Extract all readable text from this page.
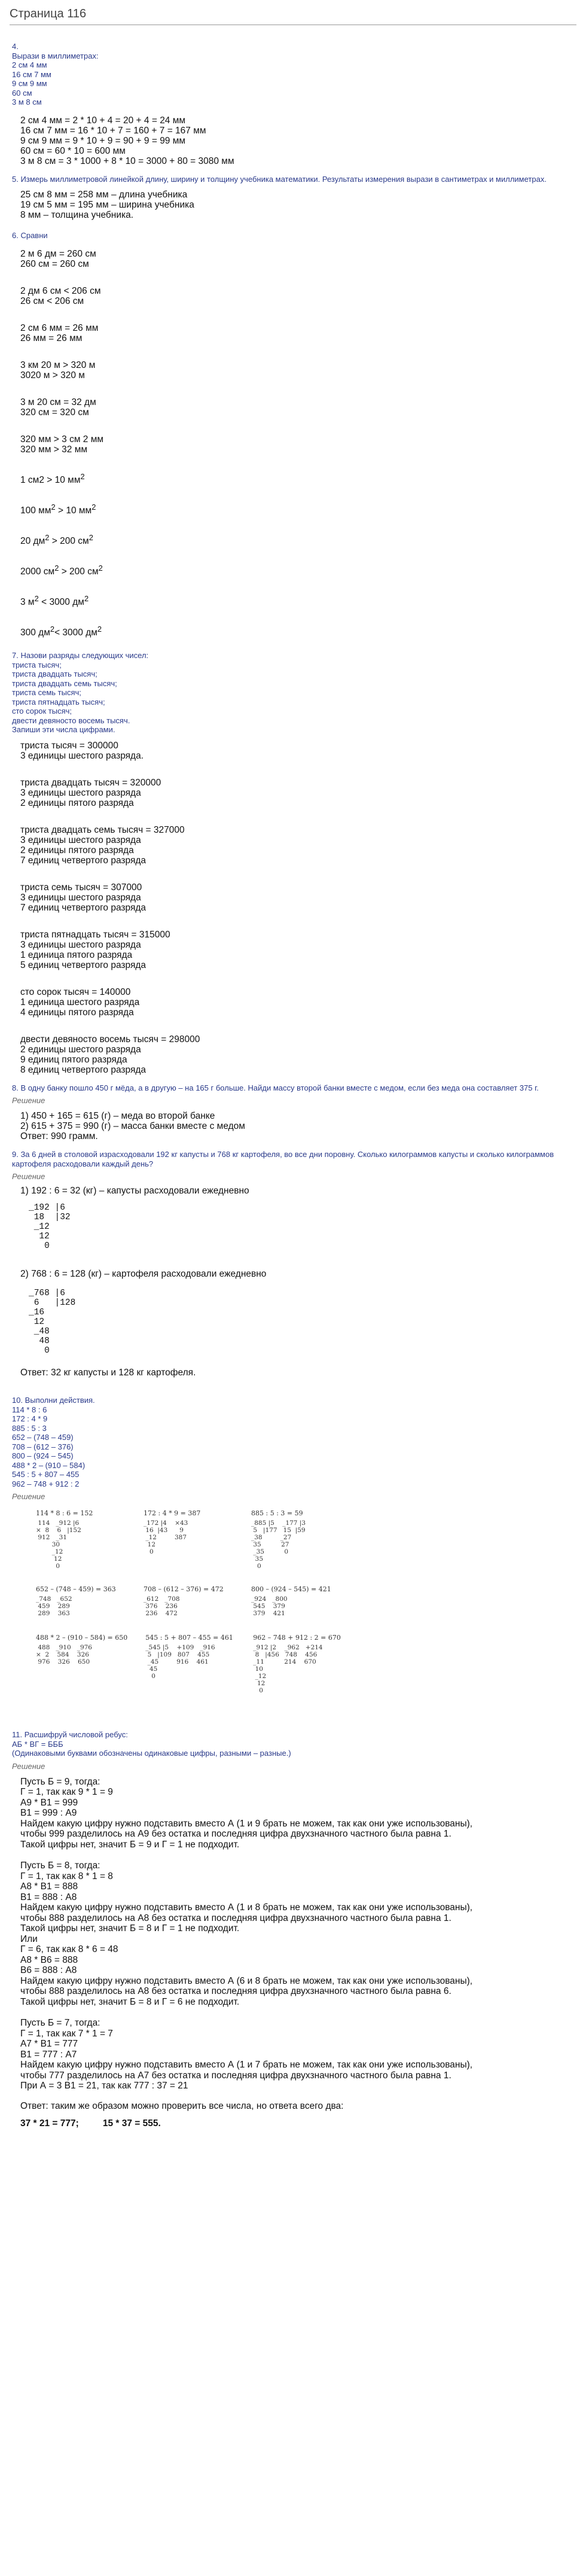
Страница 116
4.
Вырази в миллиметрах:
2 см 4 мм
16 см 7 мм
9 см 9 мм
60 см
3 м 8 см
2 см 4 мм = 2 * 10 + 4 = 20 + 4 = 24 мм
16 см 7 мм = 16 * 10 + 7 = 160 + 7 = 167 мм
9 см 9 мм = 9 * 10 + 9 = 90 + 9 = 99 мм
60 см = 60 * 10 = 600 мм
3 м 8 см = 3 * 1000 + 8 * 10 = 3000 + 80 = 3080 мм
5. Измерь миллиметровой линейкой длину, ширину и толщину учебника математики. Результаты измерения вырази в сантиметрах и миллиметрах.
25 см 8 мм = 258 мм – длина учебника
19 см 5 мм = 195 мм – ширина учебника
8 мм – толщина учебника.
6. Сравни
2 м 6 дм = 260 см
260 см = 260 см
2 дм 6 см < 206 см
26 см < 206 см
2 см 6 мм = 26 мм
26 мм = 26 мм
3 км 20 м > 320 м
3020 м > 320 м
3 м 20 см = 32 дм
320 см = 320 см
320 мм > 3 см 2 мм
320 мм > 32 мм
1 см2 > 10 $мм^2$
100 $мм^2 > 10$ $мм^2$
20 $дм^2 > 200$ $см^2$
2000 $см^2 > 200$ $см^2$
3 $м^2 < 3000$ $дм^2$
300 $дм^2< 3000$ $дм^2$
7. Назови разряды следующих чисел:
триста тысяч;
триста двадцать тысяч;
триста двадцать семь тысяч;
триста семь тысяч;
триста пятнадцать тысяч;
сто сорок тысяч;
двести девяносто восемь тысяч.
Запиши эти числа цифрами.
триста тысяч = 300000
3 единицы шестого разряда.
триста двадцать тысяч = 320000
3 единицы шестого разряда
2 единицы пятого разряда
триста двадцать семь тысяч = 327000
3 единицы шестого разряда
2 единицы пятого разряда
7 единиц четвертого разряда
триста семь тысяч = 307000
3 единицы шестого разряда
7 единиц четвертого разряда
триста пятнадцать тысяч = 315000
3 единицы шестого разряда
1 единица пятого разряда
5 единиц четвертого разряда
сто сорок тысяч = 140000
1 единица шестого разряда
4 единицы пятого разряда
двести девяносто восемь тысяч = 298000
2 единицы шестого разряда
9 единиц пятого разряда
8 единиц четвертого разряда
8. В одну банку пошло 450 г мёда, а в другую – на 165 г больше. Найди массу второй банки вместе с медом, если без меда она составляет 375 г.
Решение
1) 450 + 165 = 615 (г) – меда во второй банке
2) 615 + 375 = 990 (г) – масса банки вместе с медом
Ответ: 990 грамм.
9. За 6 дней в столовой израсходовали 192 кг капусты и 768 кг картофеля, во все дни поровну. Сколько килограммов капусты и сколько килограммов картофеля расходовали каждый день?
Решение
1) 192 : 6 = 32 (кг) – капусты расходовали ежедневно
_192 |6
18  |32
_12
12
0
2) 768 : 6 = 128 (кг) – картофеля расходовали ежедневно
_768 |6
6   |128
_16
12
_48
48
0
Ответ: 32 кг капусты и 128 кг картофеля.
10. Выполни действия.
114 * 8 : 6
172 : 4 * 9
885 : 5 : 3
652 – (748 – 459)
708 – (612 – 376)
800 – (924 – 545)
488 * 2 – (910 – 584)
545 : 5 + 807 – 455
962 – 748 + 912 : 2
Решение
114 * 8 : 6 = 152
114   _912 |6
×  8    6   |152
912   _31
30
_12
12
0
172 : 4 * 9 = 387
_172 |4    ×43
16  |43      9
_12         387
12
0
885 : 5 : 3 = 59
_885 |5    _177 |3
5   |177   15  |59
_38         _27
35          27
_35          0
35
0
652 – (748 – 459) = 363
_748   _652
459    289
289    363
708 – (612 – 376) = 472
_612   _708
376    236
236    472
800 – (924 – 545) = 421
_924   _800
545    379
379    421
488 * 2 – (910 – 584) = 650
488   _910   _976
×  2    584    326
976    326    650
545 : 5 + 807 – 455 = 461
_545 |5    +109   _916
5   |109   807    455
_45         916    461
45
0
962 – 748 + 912 : 2 = 670
_912 |2    _962   +214
8   |456   748    456
_11          214    670
10
_12
12
0
11. Расшифруй числовой ребус:
АБ * ВГ = БББ
(Одинаковыми буквами обозначены одинаковые цифры, разными – разные.)
Решение
Пусть Б = 9, тогда:
Г = 1, так как 9 * 1 = 9
А9 * В1 = 999
В1 = 999 : А9
Найдем какую цифру нужно подставить вместо А (1 и 9 брать не можем, так как они уже использованы),
чтобы 999 разделилось на А9 без остатка и последняя цифра двухзначного частного была равна 1.
Такой цифры нет, значит Б = 9 и Г = 1 не подходит.
Пусть Б = 8, тогда:
Г = 1, так как 8 * 1 = 8
А8 * В1 = 888
В1 = 888 : А8
Найдем какую цифру нужно подставить вместо А (1 и 8 брать не можем, так как они уже использованы),
чтобы 888 разделилось на А8 без остатка и последняя цифра двухзначного частного была равна 1.
Такой цифры нет, значит Б = 8 и Г = 1 не подходит.
Или
Г = 6, так как 8 * 6 = 48
А8 * В6 = 888
В6 = 888 : А8
Найдем какую цифру нужно подставить вместо А (6 и 8 брать не можем, так как они уже использованы),
чтобы 888 разделилось на А8 без остатка и последняя цифра двухзначного частного была равна 6.
Такой цифры нет, значит Б = 8 и Г = 6 не подходит.
Пусть Б = 7, тогда:
Г = 1, так как 7 * 1 = 7
А7 * В1 = 777
В1 = 777 : А7
Найдем какую цифру нужно подставить вместо А (1 и 7 брать не можем, так как они уже использованы),
чтобы 777 разделилось на А7 без остатка и последняя цифра двухзначного частного была равна 1.
При А = 3 В1 = 21, так как 777 : 37 = 21
Ответ: таким же образом можно проверить все числа, но ответа всего два:
37 * 21 = 777;	15 * 37 = 555.
